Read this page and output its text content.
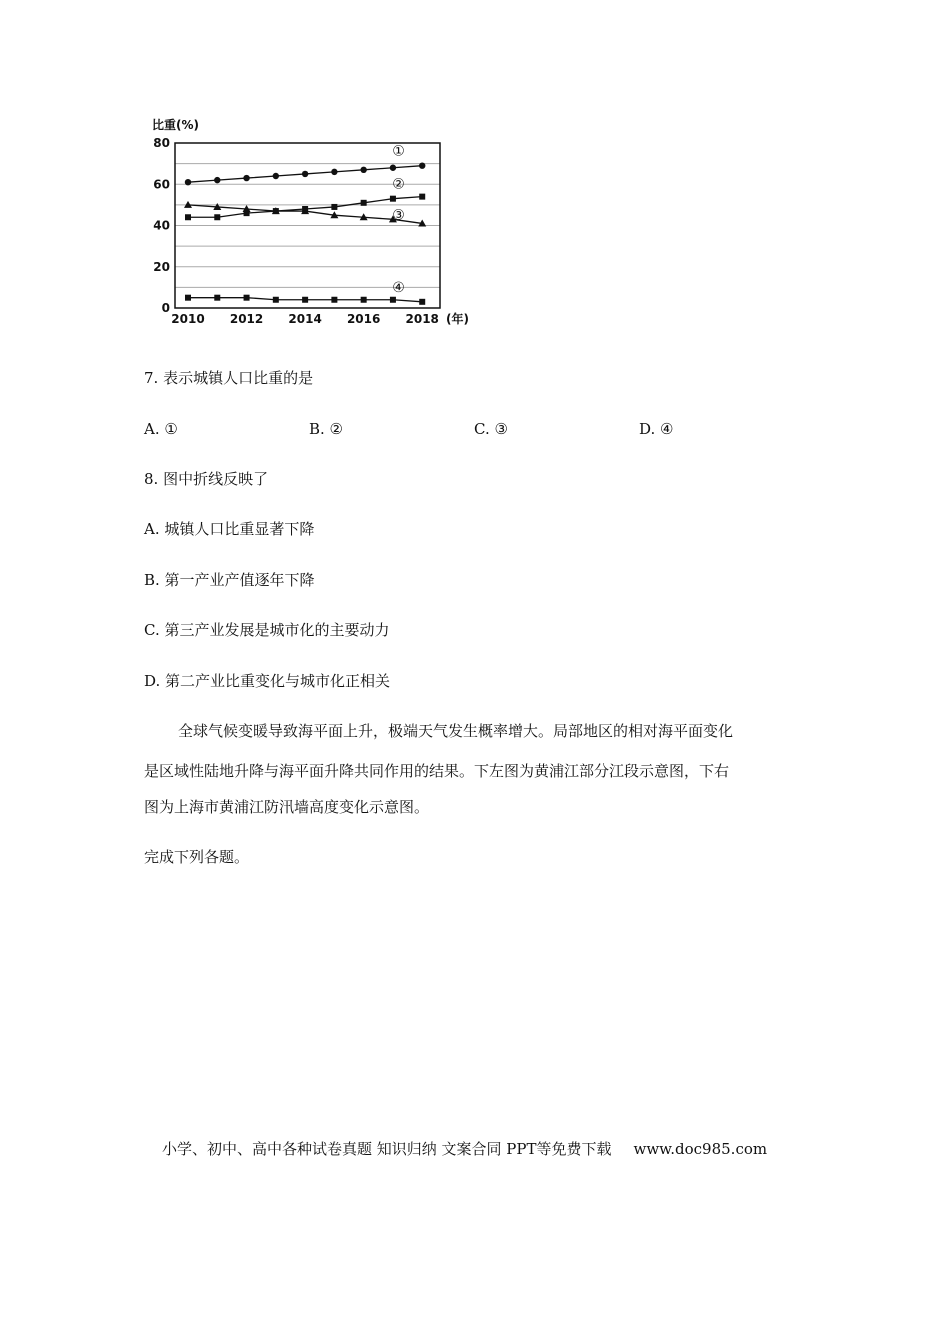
比重(%)
0
20
40
60
80
2010 2012 2014 2016 2018 (年)
①
②
③
④
7. 表示城镇人口比重的是
A. ①	B. ②	C. ③	D. ④
8. 图中折线反映了
A. 城镇人口比重显著下降
B. 第一产业产值逐年下降
C. 第三产业发展是城市化的主要动力
D. 第二产业比重变化与城市化正相关
全球气候变暖导致海平面上升，极端天气发生概率增大。局部地区的相对海平面变化
是区域性陆地升降与海平面升降共同作用的结果。下左图为黄浦江部分江段示意图，下右
图为上海市黄浦江防汛墙高度变化示意图。
完成下列各题。
小学、初中、高中各种试卷真题 知识归纳 文案合同 PPT等免费下载 www.doc985.com
